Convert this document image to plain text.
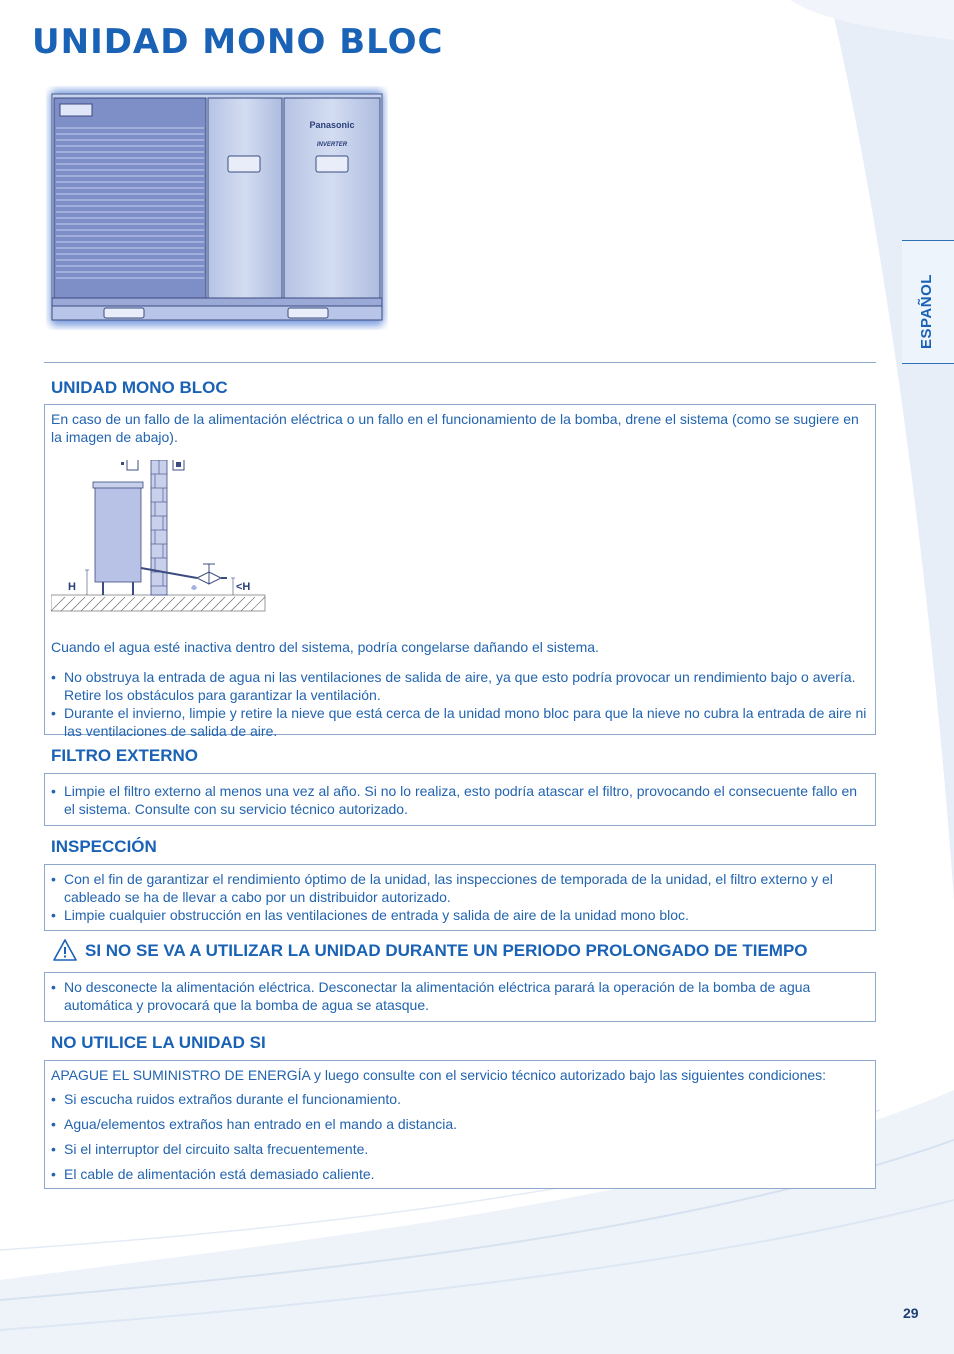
UNIDAD MONO BLOC
ESPAÑOL
Panasonic
INVERTER
UNIDAD MONO BLOC

En caso de un fallo de la alimentación eléctrica o un fallo en el funcionamiento de la bomba, drene el sistema (como se sugiere en la imagen de abajo).

H	<H

Cuando el agua esté inactiva dentro del sistema, podría congelarse dañando el sistema.

• No obstruya la entrada de agua ni las ventilaciones de salida de aire, ya que esto podría provocar un rendimiento bajo o avería. Retire los obstáculos para garantizar la ventilación.
• Durante el invierno, limpie y retire la nieve que está cerca de la unidad mono bloc para que la nieve no cubra la entrada de aire ni las ventilaciones de salida de aire.
FILTRO EXTERNO
• Limpie el filtro externo al menos una vez al año. Si no lo realiza, esto podría atascar el filtro, provocando el consecuente fallo en el sistema. Consulte con su servicio técnico autorizado.
INSPECCIÓN
• Con el fin de garantizar el rendimiento óptimo de la unidad, las inspecciones de temporada de la unidad, el filtro externo y el cableado se ha de llevar a cabo por un distribuidor autorizado.
• Limpie cualquier obstrucción en las ventilaciones de entrada y salida de aire de la unidad mono bloc.
SI NO SE VA A UTILIZAR LA UNIDAD DURANTE UN PERIODO PROLONGADO DE TIEMPO
• No desconecte la alimentación eléctrica. Desconectar la alimentación eléctrica parará la operación de la bomba de agua automática y provocará que la bomba de agua se atasque.
NO UTILICE LA UNIDAD SI

APAGUE EL SUMINISTRO DE ENERGÍA y luego consulte con el servicio técnico autorizado bajo las siguientes condiciones:

• Si escucha ruidos extraños durante el funcionamiento.
• Agua/elementos extraños han entrado en el mando a distancia.
• Si el interruptor del circuito salta frecuentemente.
• El cable de alimentación está demasiado caliente.
29
